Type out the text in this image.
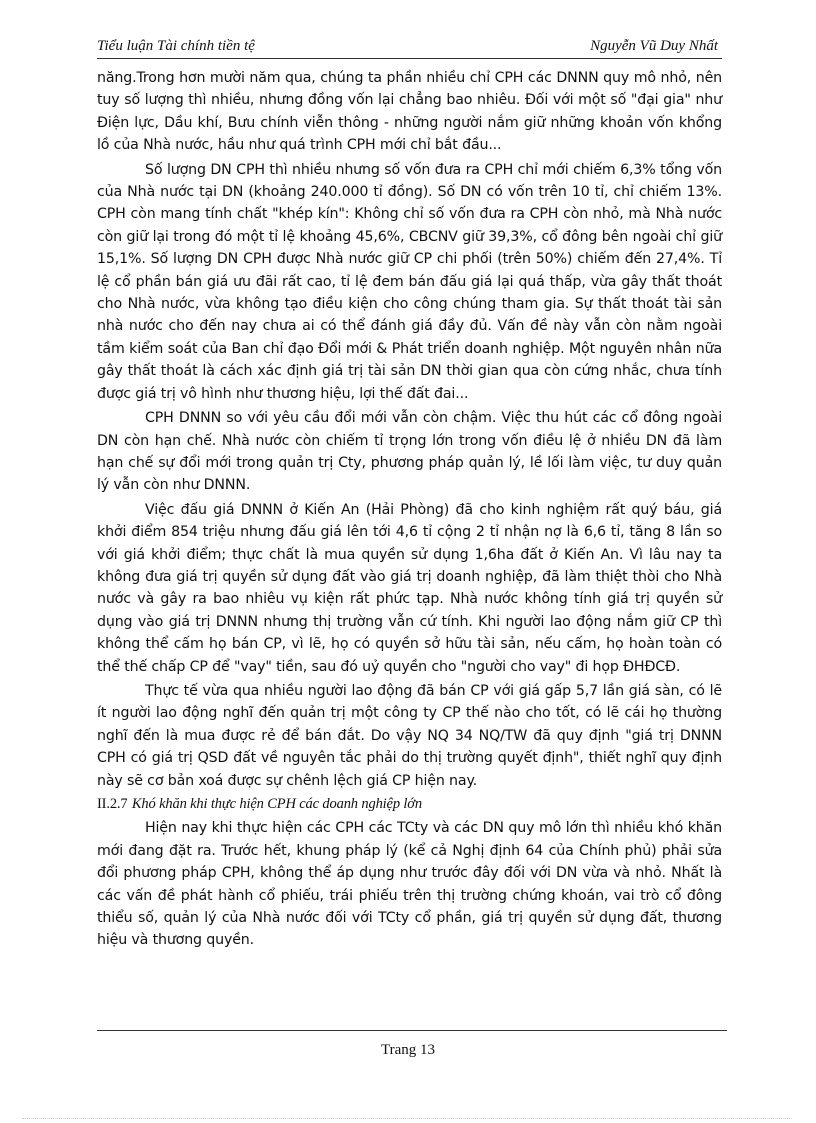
Tiểu luận Tài chính tiền tệ	Nguyễn Vũ Duy Nhất

năng.Trong hơn mười năm qua, chúng ta phần nhiều chỉ CPH các DNNN quy mô nhỏ, nên tuy số lượng thì nhiều, nhưng đồng vốn lại chẳng bao nhiêu. Đối với một số "đại gia" như Điện lực, Dầu khí, Bưu chính viễn thông - những người nắm giữ những khoản vốn khổng lồ của Nhà nước, hầu như quá trình CPH mới chỉ bắt đầu...

Số lượng DN CPH thì nhiều nhưng số vốn đưa ra CPH chỉ mới chiếm 6,3% tổng vốn của Nhà nước tại DN (khoảng 240.000 tỉ đồng). Số DN có vốn trên 10 tỉ, chỉ chiếm 13%. CPH còn mang tính chất "khép kín": Không chỉ số vốn đưa ra CPH còn nhỏ, mà Nhà nước còn giữ lại trong đó một tỉ lệ khoảng 45,6%, CBCNV giữ 39,3%, cổ đông bên ngoài chỉ giữ 15,1%. Số lượng DN CPH được Nhà nước giữ CP chi phối (trên 50%) chiếm đến 27,4%. Tỉ lệ cổ phần bán giá ưu đãi rất cao, tỉ lệ đem bán đấu giá lại quá thấp, vừa gây thất thoát cho Nhà nước, vừa không tạo điều kiện cho công chúng tham gia. Sự thất thoát tài sản nhà nước cho đến nay chưa ai có thể đánh giá đầy đủ. Vấn đề này vẫn còn nằm ngoài tầm kiểm soát của Ban chỉ đạo Đổi mới & Phát triển doanh nghiệp. Một nguyên nhân nữa gây thất thoát là cách xác định giá trị tài sản DN thời gian qua còn cứng nhắc, chưa tính được giá trị vô hình như thương hiệu, lợi thế đất đai...

CPH DNNN so với yêu cầu đổi mới vẫn còn chậm. Việc thu hút các cổ đông ngoài DN còn hạn chế. Nhà nước còn chiếm tỉ trọng lớn trong vốn điều lệ ở nhiều DN đã làm hạn chế sự đổi mới trong quản trị Cty, phương pháp quản lý, lề lối làm việc, tư duy quản lý vẫn còn như DNNN.

Việc đấu giá DNNN ở Kiến An (Hải Phòng) đã cho kinh nghiệm rất quý báu, giá khởi điểm 854 triệu nhưng đấu giá lên tới 4,6 tỉ cộng 2 tỉ nhận nợ là 6,6 tỉ, tăng 8 lần so với giá khởi điểm; thực chất là mua quyền sử dụng 1,6ha đất ở Kiến An. Vì lâu nay ta không đưa giá trị quyền sử dụng đất vào giá trị doanh nghiệp, đã làm thiệt thòi cho Nhà nước và gây ra bao nhiêu vụ kiện rất phức tạp. Nhà nước không tính giá trị quyền sử dụng vào giá trị DNNN nhưng thị trường vẫn cứ tính. Khi người lao động nắm giữ CP thì không thể cấm họ bán CP, vì lẽ, họ có quyền sở hữu tài sản, nếu cấm, họ hoàn toàn có thể thế chấp CP để "vay" tiền, sau đó uỷ quyền cho "người cho vay" đi họp ĐHĐCĐ.

Thực tế vừa qua nhiều người lao động đã bán CP với giá gấp 5,7 lần giá sàn, có lẽ ít người lao động nghĩ đến quản trị một công ty CP thế nào cho tốt, có lẽ cái họ thường nghĩ đến là mua được rẻ để bán đắt. Do vậy NQ 34 NQ/TW đã quy định "giá trị DNNN CPH có giá trị QSD đất về nguyên tắc phải do thị trường quyết định", thiết nghĩ quy định này sẽ cơ bản xoá được sự chênh lệch giá CP hiện nay.

II.2.7 Khó khăn khi thực hiện CPH các doanh nghiệp lớn

Hiện nay khi thực hiện các CPH các TCty và các DN quy mô lớn thì nhiều khó khăn mới đang đặt ra. Trước hết, khung pháp lý (kể cả Nghị định 64 của Chính phủ) phải sửa đổi phương pháp CPH, không thể áp dụng như trước đây đối với DN vừa và nhỏ. Nhất là các vấn đề phát hành cổ phiếu, trái phiếu trên thị trường chứng khoán, vai trò cổ đông thiểu số, quản lý của Nhà nước đối với TCty cổ phần, giá trị quyền sử dụng đất, thương hiệu và thương quyền.

Trang 13
